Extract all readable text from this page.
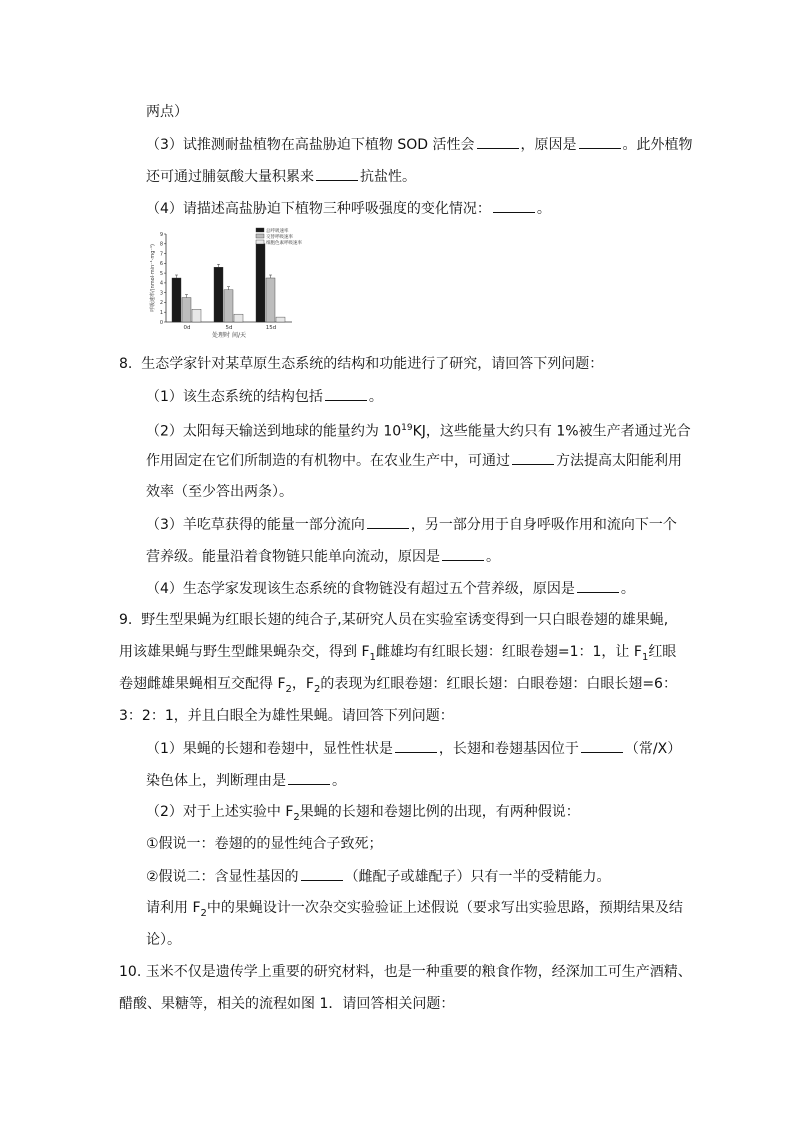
两点）
（3）试推测耐盐植物在高盐胁迫下植物 SOD 活性会	，原因是	。此外植物
还可通过脯氨酸大量积累来	抗盐性。
（4）请描述高盐胁迫下植物三种呼吸强度的变化情况：	。
呼吸速率/(nmol·min⁻¹·mg⁻¹)
0
1
2
3
4
5
6
7
8
9
0d	5d	15d
处理时 间/天
总呼吸速率
交替呼吸速率
细胞色素呼吸速率
8. 生态学家针对某草原生态系统的结构和功能进行了研究，请回答下列问题：
（1）该生态系统的结构包括	。
（2）太阳每天输送到地球的能量约为 $10^{19}KJ$，这些能量大约只有 1%被生产者通过光合
作用固定在它们所制造的有机物中。在农业生产中，可通过	方法提高太阳能利用
效率（至少答出两条）。
（3）羊吃草获得的能量一部分流向	，另一部分用于自身呼吸作用和流向下一个
营养级。能量沿着食物链只能单向流动，原因是	。
（4）生态学家发现该生态系统的食物链没有超过五个营养级，原因是	。
9. 野生型果蝇为红眼长翅的纯合子,某研究人员在实验室诱变得到一只白眼卷翅的雄果蝇,
用该雄果蝇与野生型雌果蝇杂交，得到 $F_1$雌雄均有红眼长翅：红眼卷翅=1：1，让 $F_1$红眼
卷翅雌雄果蝇相互交配得 $F_2$，$F_2$的表现为红眼卷翅：红眼长翅：白眼卷翅：白眼长翅=6：
3：2：1，并且白眼全为雄性果蝇。请回答下列问题：
（1）果蝇的长翅和卷翅中，显性性状是	，长翅和卷翅基因位于	（常/X）
染色体上，判断理由是	。
（2）对于上述实验中 $F_2$果蝇的长翅和卷翅比例的出现，有两种假说：
①假说一：卷翅的的显性纯合子致死；
②假说二：含显性基因的	（雌配子或雄配子）只有一半的受精能力。
请利用 $F_2$中的果蝇设计一次杂交实验验证上述假说（要求写出实验思路，预期结果及结
论）。
10. 玉米不仅是遗传学上重要的研究材料，也是一种重要的粮食作物，经深加工可生产酒精、
醋酸、果糖等，相关的流程如图 1．请回答相关问题：
